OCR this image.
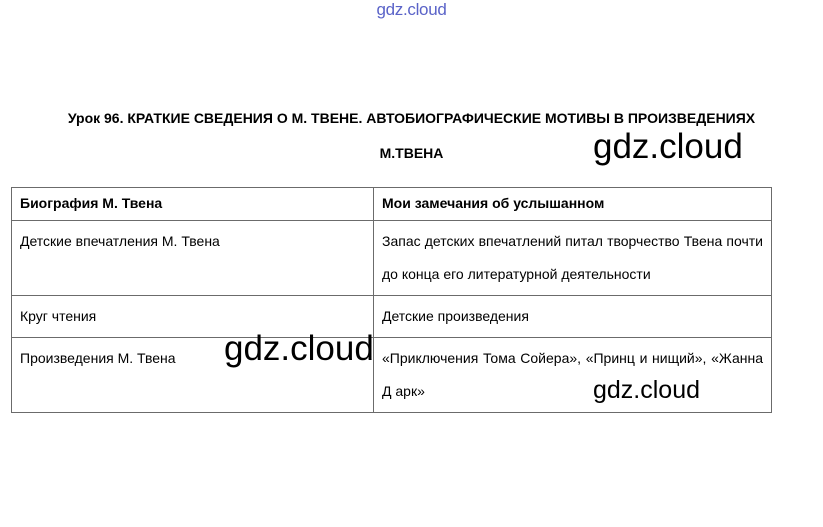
gdz.cloud
Урок 96. КРАТКИЕ СВЕДЕНИЯ О М. ТВЕНЕ. АВТОБИОГРАФИЧЕСКИЕ МОТИВЫ В ПРОИЗВЕДЕНИЯХ
М.ТВЕНА
Биография М. Твена	Мои замечания об услышанном
Детские впечатления М. Твена	Запас детских впечатлений питал творчество Твена почти до конца его литературной деятельности
Круг чтения	Детские произведения
Произведения М. Твена	«Приключения Тома Сойера», «Принц и нищий», «Жанна Д арк»
gdz.cloud
gdz.cloud
gdz.cloud
